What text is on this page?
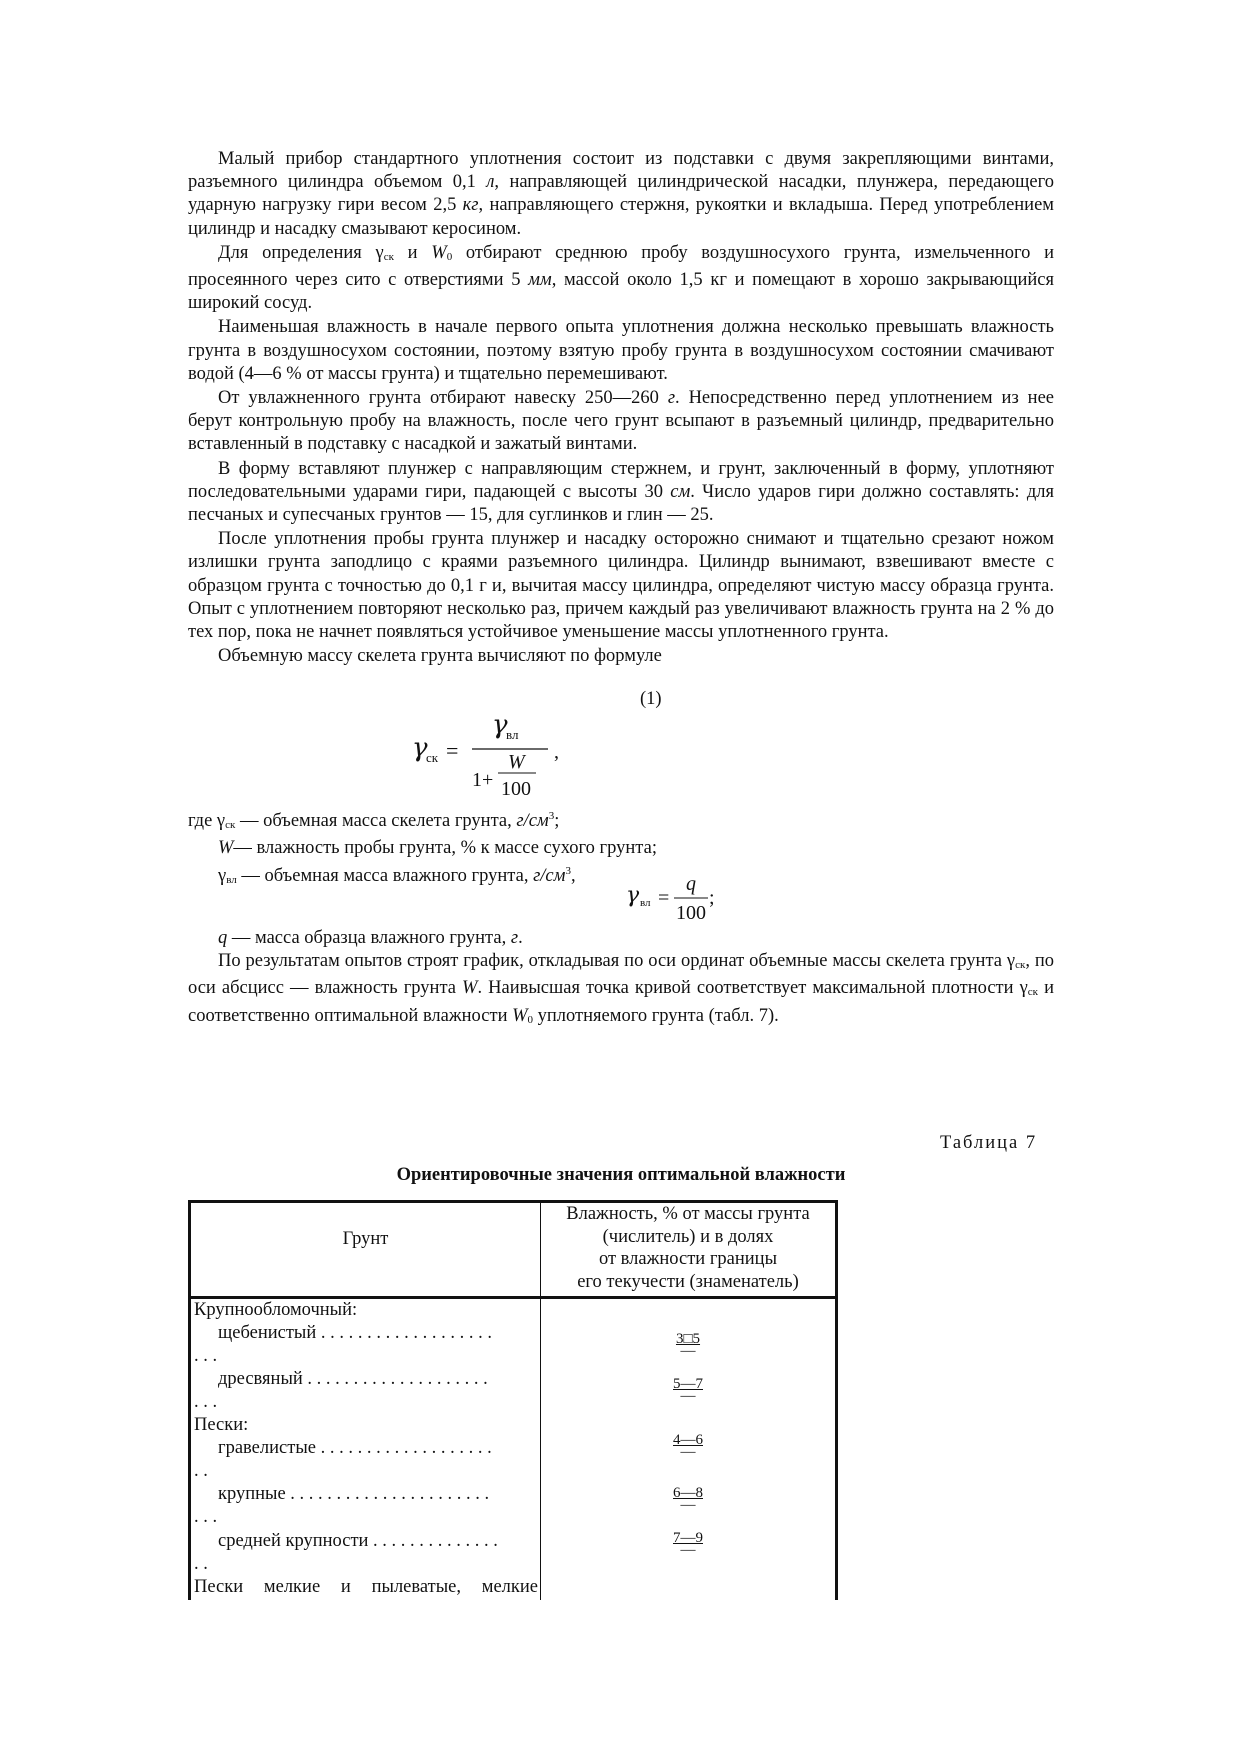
Малый прибор стандартного уплотнения состоит из подставки с двумя закрепляющими винтами, разъемного цилиндра объемом 0,1 л, направляющей цилиндрической насадки, плунжера, передающего ударную нагрузку гири весом 2,5 кг, направляющего стержня, рукоятки и вкладыша. Перед употреблением цилиндр и насадку смазывают керосином.

Для определения γск и W0 отбирают среднюю пробу воздушносухого грунта, измельченного и просеянного через сито с отверстиями 5 мм, массой около 1,5 кг и помещают в хорошо закрывающийся широкий сосуд.

Наименьшая влажность в начале первого опыта уплотнения должна несколько превышать влажность грунта в воздушносухом состоянии, поэтому взятую пробу грунта в воздушносухом состоянии смачивают водой (4—6 % от массы грунта) и тщательно перемешивают.

От увлажненного грунта отбирают навеску 250—260 г. Непосредственно перед уплотнением из нее берут контрольную пробу на влажность, после чего грунт всыпают в разъемный цилиндр, предварительно вставленный в подставку с насадкой и зажатый винтами.

В форму вставляют плунжер с направляющим стержнем, и грунт, заключенный в форму, уплотняют последовательными ударами гири, падающей с высоты 30 см. Число ударов гири должно составлять: для песчаных и супесчаных грунтов — 15, для суглинков и глин — 25.

После уплотнения пробы грунта плунжер и насадку осторожно снимают и тщательно срезают ножом излишки грунта заподлицо с краями разъемного цилиндра. Цилиндр вынимают, взвешивают вместе с образцом грунта с точностью до 0,1 г и, вычитая массу цилиндра, определяют чистую массу образца грунта. Опыт с уплотнением повторяют несколько раз, причем каждый раз увеличивают влажность грунта на 2 % до тех пор, пока не начнет появляться устойчивое уменьшение массы уплотненного грунта.

Объемную массу скелета грунта вычисляют по формуле

(1)
γ
ск =
γ
вл
,
W
1+ 100

где γск — объемная масса скелета грунта, $г/см^3$;

W— влажность пробы грунта, % к массе сухого грунта;

γвл — объемная масса влажного грунта, $г/см^3$,

γ вл =
q
100
;

q — масса образца влажного грунта, г.

По результатам опытов строят график, откладывая по оси ординат объемные массы скелета грунта γск, по оси абсцисс — влажность грунта W. Наивысшая точка кривой соответствует максимальной плотности γск и соответственно оптимальной влажности W0 уплотняемого грунта (табл. 7).

Таблица 7
Ориентировочные значения оптимальной влажности
Грунт
Влажность, % от массы грунта
(числитель) и в долях
от влажности границы
его текучести (знаменатель)
Крупнообломочный:
щебенистый . . . . . . . . . . . . . . . . . . .
. . .
3□5
—
дресвяный . . . . . . . . . . . . . . . . . . . .
. . .
5—7
—
Пески:
гравелистые . . . . . . . . . . . . . . . . . . .
. .
4—6
—
крупные . . . . . . . . . . . . . . . . . . . . . .
. . .
6—8
—
средней крупности . . . . . . . . . . . . . .
. .
7—9
—
Пески мелкие и пылеватые, мелкие
